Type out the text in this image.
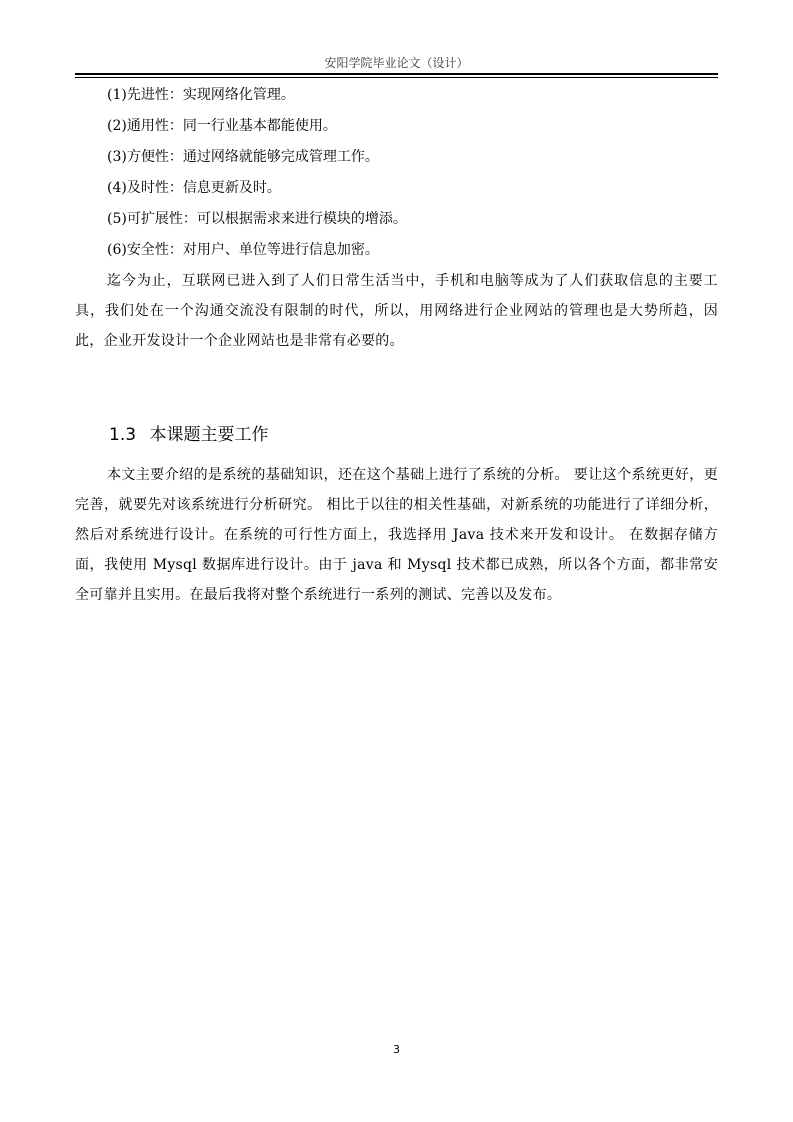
安阳学院毕业论文（设计）
(1)先进性：实现网络化管理。
(2)通用性：同一行业基本都能使用。
(3)方便性：通过网络就能够完成管理工作。
(4)及时性：信息更新及时。
(5)可扩展性：可以根据需求来进行模块的增添。
(6)安全性：对用户、单位等进行信息加密。

迄今为止，互联网已进入到了人们日常生活当中，手机和电脑等成为了人们获取信息的主要工具，我们处在一个沟通交流没有限制的时代，所以，用网络进行企业网站的管理也是大势所趋，因此，企业开发设计一个企业网站也是非常有必要的。

1.3 本课题主要工作

本文主要介绍的是系统的基础知识，还在这个基础上进行了系统的分析。 要让这个系统更好，更完善，就要先对该系统进行分析研究。 相比于以往的相关性基础，对新系统的功能进行了详细分析，然后对系统进行设计。在系统的可行性方面上，我选择用 Java 技术来开发和设计。 在数据存储方面，我使用 Mysql 数据库进行设计。由于 java 和 Mysql 技术都已成熟，所以各个方面，都非常安全可靠并且实用。在最后我将对整个系统进行一系列的测试、完善以及发布。

3
